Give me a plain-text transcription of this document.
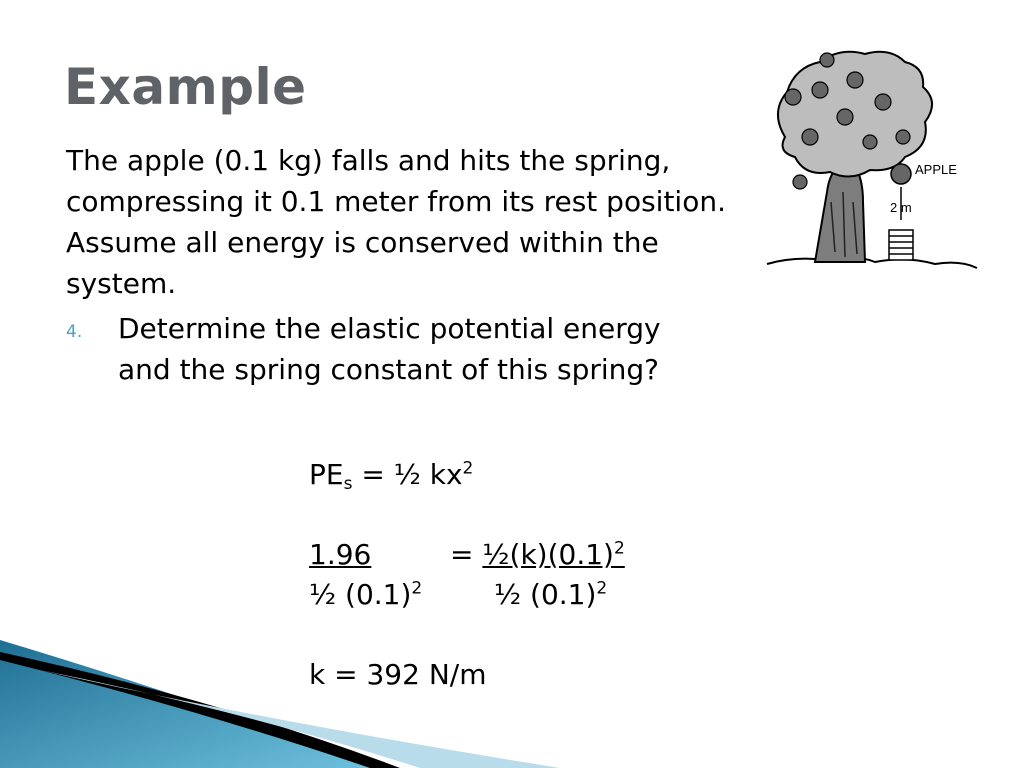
Example
The apple (0.1 kg) falls and hits the spring, compressing it 0.1 meter from its rest position. Assume all energy is conserved within the system.
4. Determine the elastic potential energy and the spring constant of this spring?
$PE_s$ = ½ $kx^2$
1.96	= $\frac{1}{2}(k)(0.1)^2$
½ $(0.1)^2$	½ $(0.1)^2$
k = 392 N/m
APPLE
2 m
